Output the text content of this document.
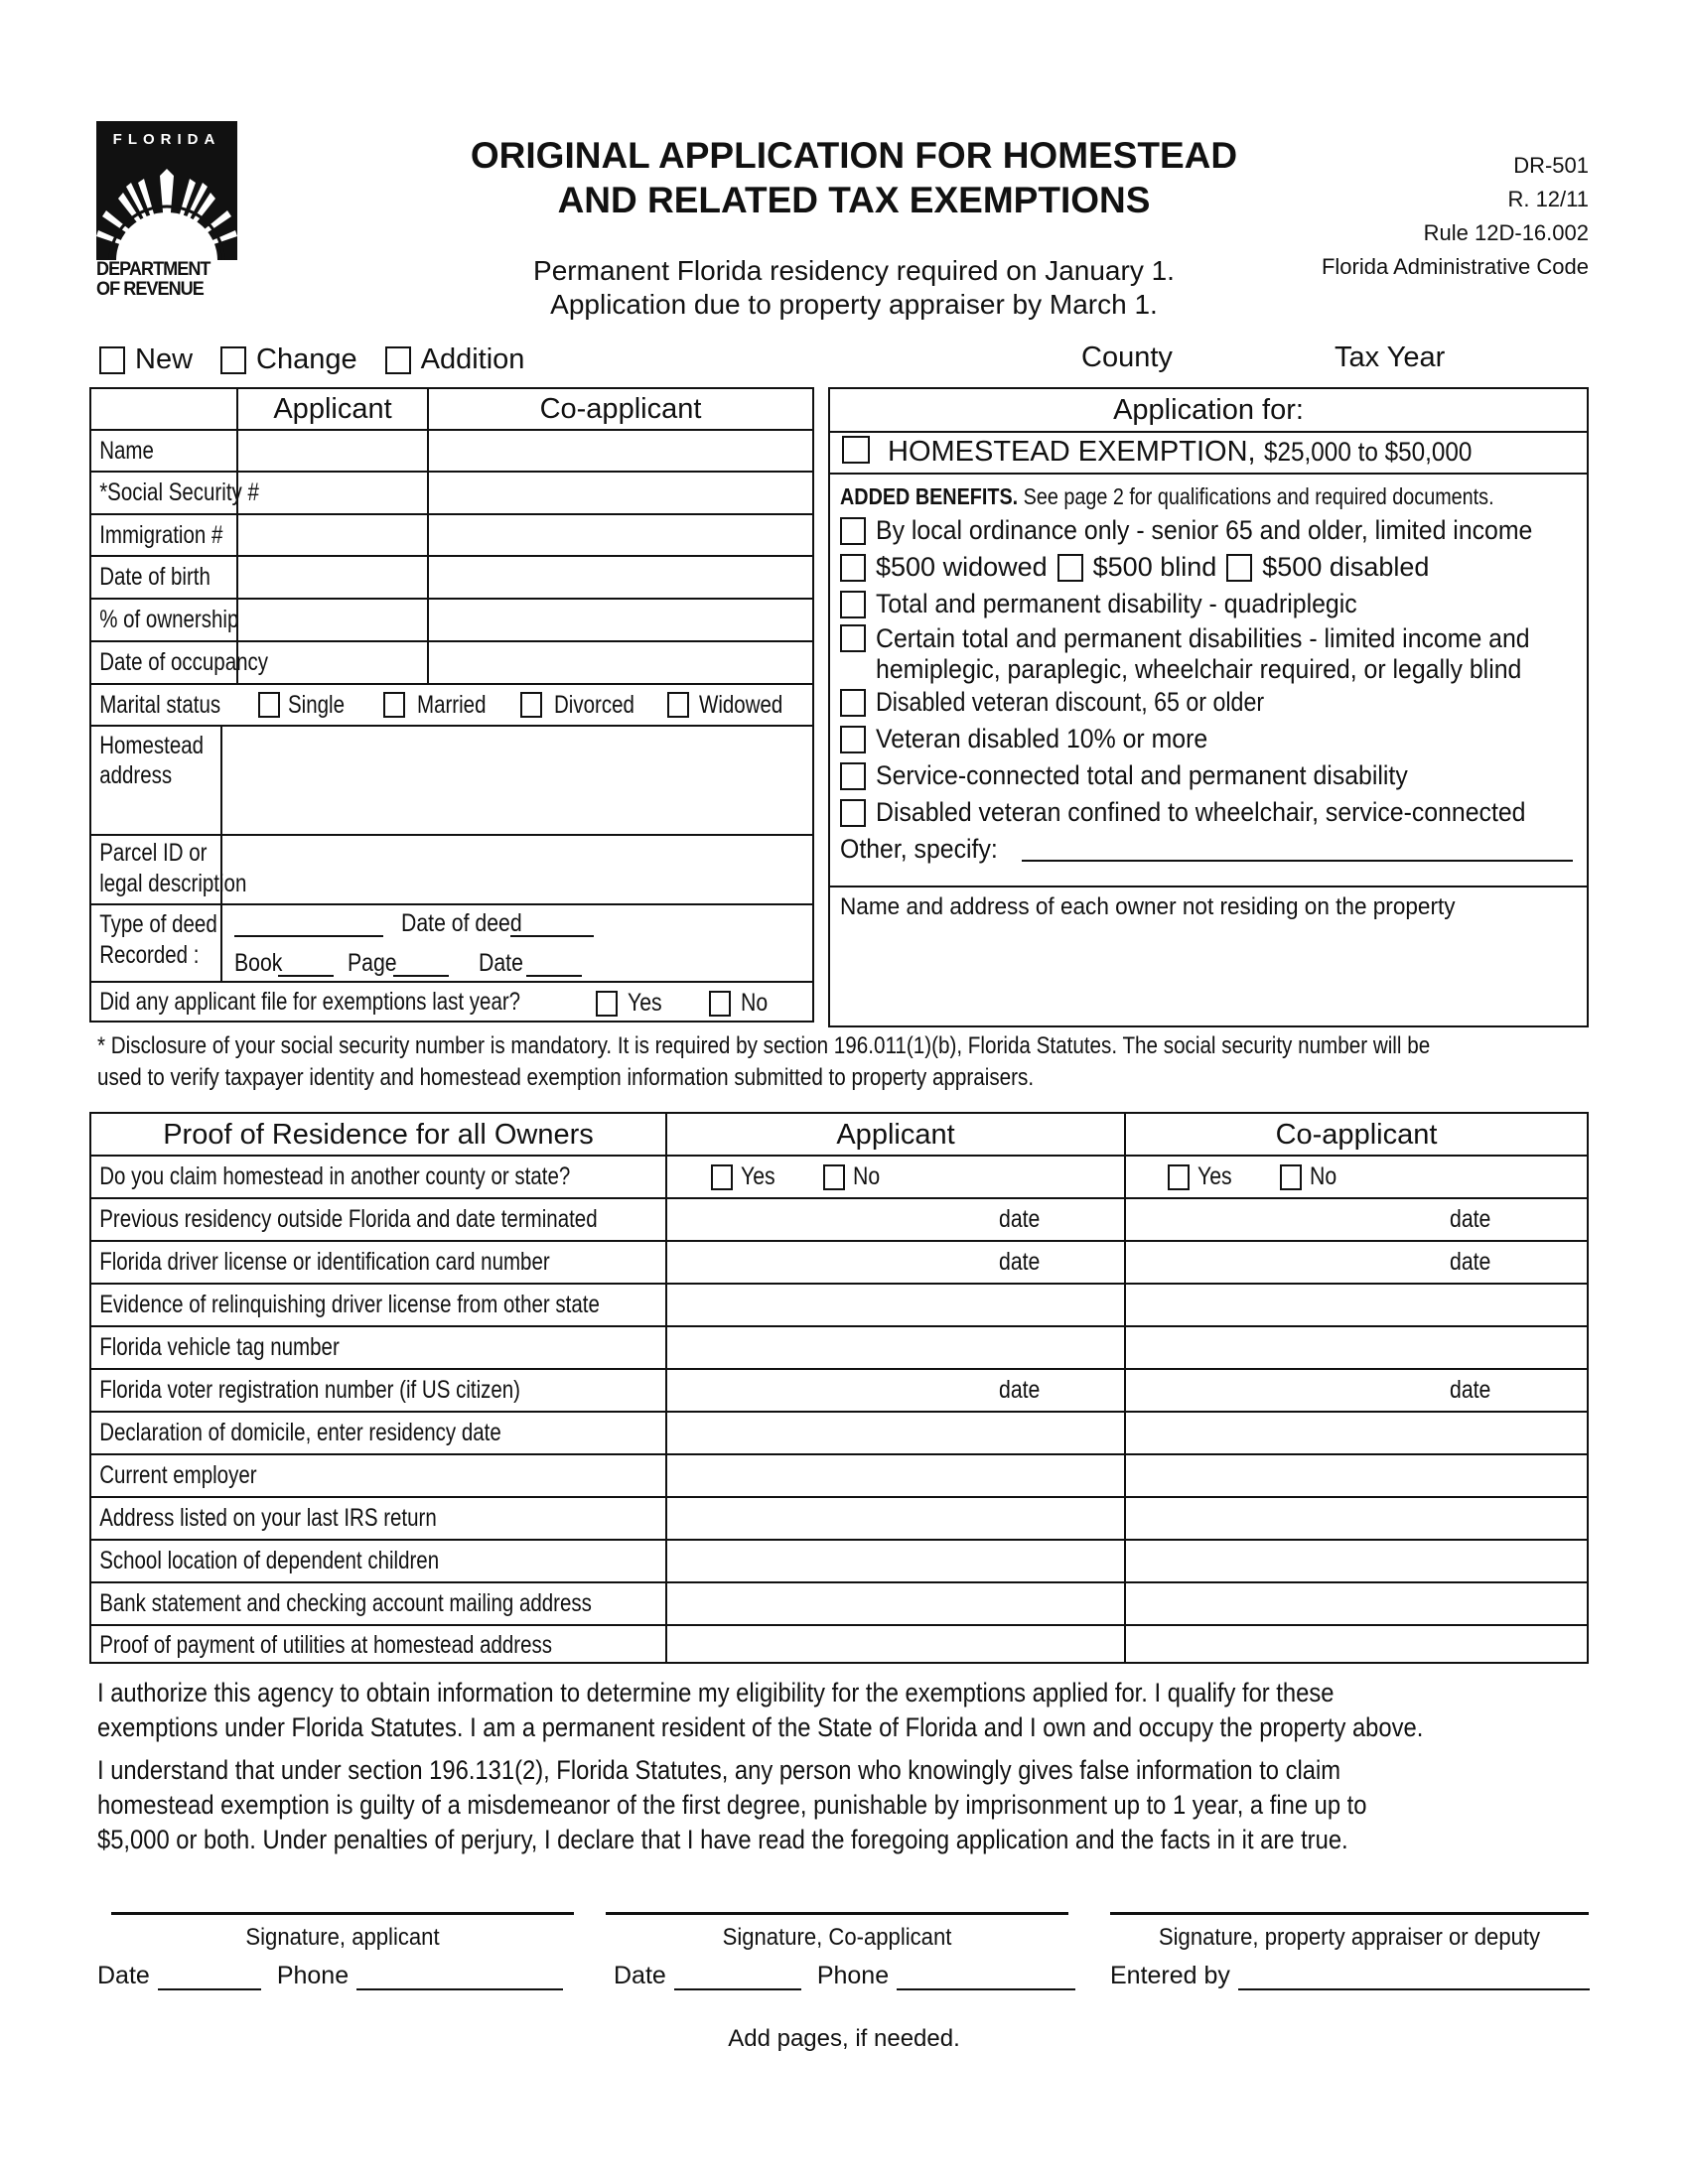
FLORIDA
DEPARTMENT
OF REVENUE
ORIGINAL APPLICATION FOR HOMESTEAD
AND RELATED TAX EXEMPTIONS
Permanent Florida residency required on January 1.
Application due to property appraiser by March 1.
DR-501
R. 12/11
Rule 12D-16.002
Florida Administrative Code
New Change Addition	County	Tax Year
Applicant	Co-applicant
Name
*Social Security #
Immigration #
Date of birth
% of ownership
Date of occupancy
Marital status	Single	Married	Divorced	Widowed
Homestead
address
Parcel ID or
legal description
Type of deed
Recorded :
Date of deed
Book	Page	Date
Did any applicant file for exemptions last year?	Yes	No
Application for:
HOMESTEAD EXEMPTION, $25,000 to $50,000
ADDED BENEFITS. See page 2 for qualifications and required documents.
By local ordinance only - senior 65 and older, limited income
$500 widowed $500 blind $500 disabled
Total and permanent disability - quadriplegic
Certain total and permanent disabilities - limited income and
hemiplegic, paraplegic, wheelchair required, or legally blind
Disabled veteran discount, 65 or older
Veteran disabled 10% or more
Service-connected total and permanent disability
Disabled veteran confined to wheelchair, service-connected
Other, specify:
Name and address of each owner not residing on the property
* Disclosure of your social security number is mandatory. It is required by section 196.011(1)(b), Florida Statutes. The social security number will be
used to verify taxpayer identity and homestead exemption information submitted to property appraisers.
Proof of Residence for all Owners	Applicant	Co-applicant
Do you claim homestead in another county or state?	Yes	No	Yes	No
Previous residency outside Florida and date terminated	date	date
Florida driver license or identification card number	date	date
Evidence of relinquishing driver license from other state
Florida vehicle tag number
Florida voter registration number (if US citizen)	date	date
Declaration of domicile, enter residency date
Current employer
Address listed on your last IRS return
School location of dependent children
Bank statement and checking account mailing address
Proof of payment of utilities at homestead address
I authorize this agency to obtain information to determine my eligibility for the exemptions applied for. I qualify for these
exemptions under Florida Statutes. I am a permanent resident of the State of Florida and I own and occupy the property above.
I understand that under section 196.131(2), Florida Statutes, any person who knowingly gives false information to claim
homestead exemption is guilty of a misdemeanor of the first degree, punishable by imprisonment up to 1 year, a fine up to
$5,000 or both. Under penalties of perjury, I declare that I have read the foregoing application and the facts in it are true.
Signature, applicant	Signature, Co-applicant	Signature, property appraiser or deputy
Date	Phone	Date	Phone	Entered by
Add pages, if needed.
